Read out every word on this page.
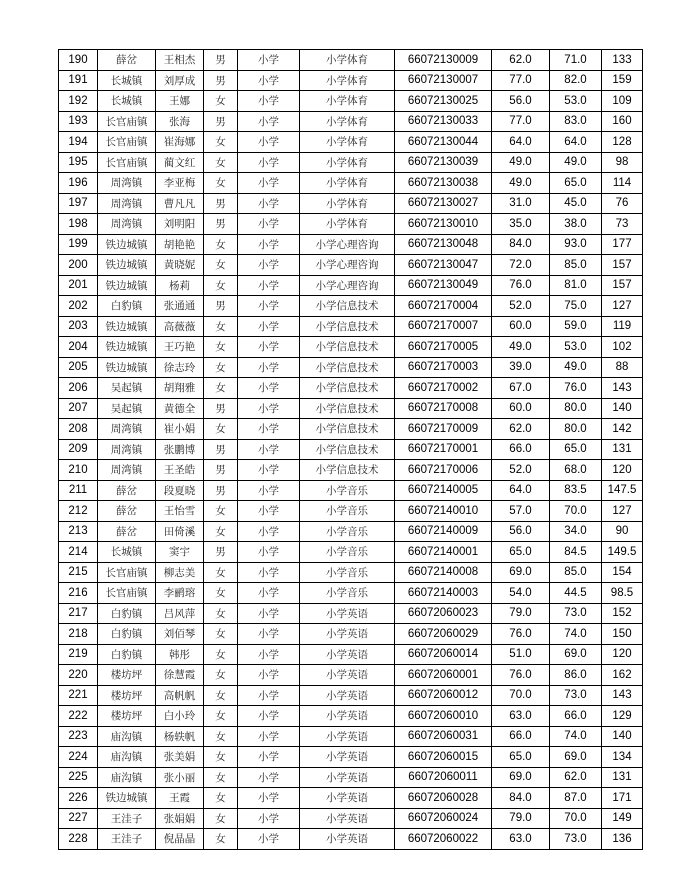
190	薛岔	王相杰	男	小学	小学体育	66072130009	62.0	71.0	133
191	长城镇	刘厚成	男	小学	小学体育	66072130007	77.0	82.0	159
192	长城镇	王娜	女	小学	小学体育	66072130025	56.0	53.0	109
193	长官庙镇	张海	男	小学	小学体育	66072130033	77.0	83.0	160
194	长官庙镇	崔海娜	女	小学	小学体育	66072130044	64.0	64.0	128
195	长官庙镇	蔺文红	女	小学	小学体育	66072130039	49.0	49.0	98
196	周湾镇	李亚梅	女	小学	小学体育	66072130038	49.0	65.0	114
197	周湾镇	曹凡凡	男	小学	小学体育	66072130027	31.0	45.0	76
198	周湾镇	刘明阳	男	小学	小学体育	66072130010	35.0	38.0	73
199	铁边城镇	胡艳艳	女	小学	小学心理咨询	66072130048	84.0	93.0	177
200	铁边城镇	黄晓妮	女	小学	小学心理咨询	66072130047	72.0	85.0	157
201	铁边城镇	杨莉	女	小学	小学心理咨询	66072130049	76.0	81.0	157
202	白豹镇	张通通	男	小学	小学信息技术	66072170004	52.0	75.0	127
203	铁边城镇	高薇薇	女	小学	小学信息技术	66072170007	60.0	59.0	119
204	铁边城镇	王巧艳	女	小学	小学信息技术	66072170005	49.0	53.0	102
205	铁边城镇	徐志玲	女	小学	小学信息技术	66072170003	39.0	49.0	88
206	吴起镇	胡翔雅	女	小学	小学信息技术	66072170002	67.0	76.0	143
207	吴起镇	黄德全	男	小学	小学信息技术	66072170008	60.0	80.0	140
208	周湾镇	崔小娟	女	小学	小学信息技术	66072170009	62.0	80.0	142
209	周湾镇	张鹏博	男	小学	小学信息技术	66072170001	66.0	65.0	131
210	周湾镇	王圣皓	男	小学	小学信息技术	66072170006	52.0	68.0	120
211	薛岔	段夏晓	男	小学	小学音乐	66072140005	64.0	83.5	147.5
212	薛岔	王怡雪	女	小学	小学音乐	66072140010	57.0	70.0	127
213	薛岔	田倚溪	女	小学	小学音乐	66072140009	56.0	34.0	90
214	长城镇	窦宇	男	小学	小学音乐	66072140001	65.0	84.5	149.5
215	长官庙镇	柳志美	女	小学	小学音乐	66072140008	69.0	85.0	154
216	长官庙镇	李鹂瑢	女	小学	小学音乐	66072140003	54.0	44.5	98.5
217	白豹镇	吕风萍	女	小学	小学英语	66072060023	79.0	73.0	152
218	白豹镇	刘佰琴	女	小学	小学英语	66072060029	76.0	74.0	150
219	白豹镇	韩彤	女	小学	小学英语	66072060014	51.0	69.0	120
220	楼坊坪	徐慧霞	女	小学	小学英语	66072060001	76.0	86.0	162
221	楼坊坪	高帆帆	女	小学	小学英语	66072060012	70.0	73.0	143
222	楼坊坪	白小玲	女	小学	小学英语	66072060010	63.0	66.0	129
223	庙沟镇	杨轶帆	女	小学	小学英语	66072060031	66.0	74.0	140
224	庙沟镇	张美娟	女	小学	小学英语	66072060015	65.0	69.0	134
225	庙沟镇	张小丽	女	小学	小学英语	66072060011	69.0	62.0	131
226	铁边城镇	王霞	女	小学	小学英语	66072060028	84.0	87.0	171
227	王洼子	张娟娟	女	小学	小学英语	66072060024	79.0	70.0	149
228	王洼子	倪晶晶	女	小学	小学英语	66072060022	63.0	73.0	136
